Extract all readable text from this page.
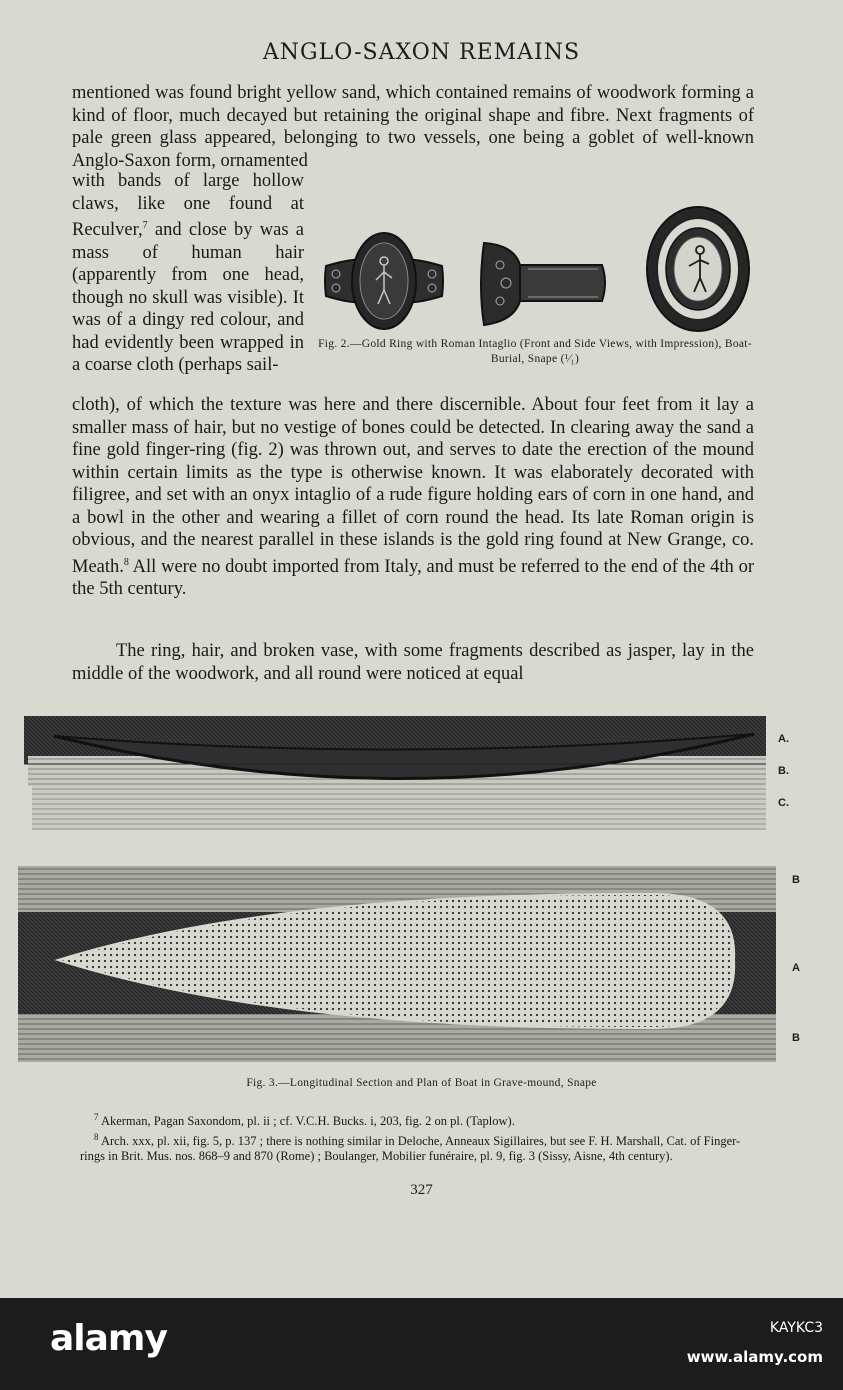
ANGLO-SAXON REMAINS

mentioned was found bright yellow sand, which contained remains of woodwork forming a kind of floor, much decayed but retaining the original shape and fibre. Next fragments of pale green glass appeared, belonging to two vessels, one being a goblet of well-known Anglo-Saxon form, ornamented

with bands of large hollow claws, like one found at Reculver,$^7$ and close by was a mass of human hair (apparently from one head, though no skull was visible). It was of a dingy red colour, and had evidently been wrapped in a coarse cloth (perhaps sail-

Fig. 2.—Gold Ring with Roman Intaglio (Front and Side Views, with Impression), Boat-Burial, Snape (¹⁄₁)

cloth), of which the texture was here and there discernible. About four feet from it lay a smaller mass of hair, but no vestige of bones could be detected. In clearing away the sand a fine gold finger-ring (fig. 2) was thrown out, and serves to date the erection of the mound within certain limits as the type is otherwise known. It was elaborately decorated with filigree, and set with an onyx intaglio of a rude figure holding ears of corn in one hand, and a bowl in the other and wearing a fillet of corn round the head. Its late Roman origin is obvious, and the nearest parallel in these islands is the gold ring found at New Grange, co. Meath.$^8$ All were no doubt imported from Italy, and must be referred to the end of the 4th or the 5th century.

The ring, hair, and broken vase, with some fragments described as jasper, lay in the middle of the woodwork, and all round were noticed at equal

A.
B.
C.
B
A
B
Fig. 3.—Longitudinal Section and Plan of Boat in Grave-mound, Snape

$^7$ Akerman, Pagan Saxondom, pl. ii ; cf. V.C.H. Bucks. i, 203, fig. 2 on pl. (Taplow).

$^8$ Arch. xxx, pl. xii, fig. 5, p. 137 ; there is nothing similar in Deloche, Anneaux Sigillaires, but see F. H. Marshall, Cat. of Finger-rings in Brit. Mus. nos. 868–9 and 870 (Rome) ; Boulanger, Mobilier funéraire, pl. 9, fig. 3 (Sissy, Aisne, 4th century).

327
alamy	KAYKC3
www.alamy.com
